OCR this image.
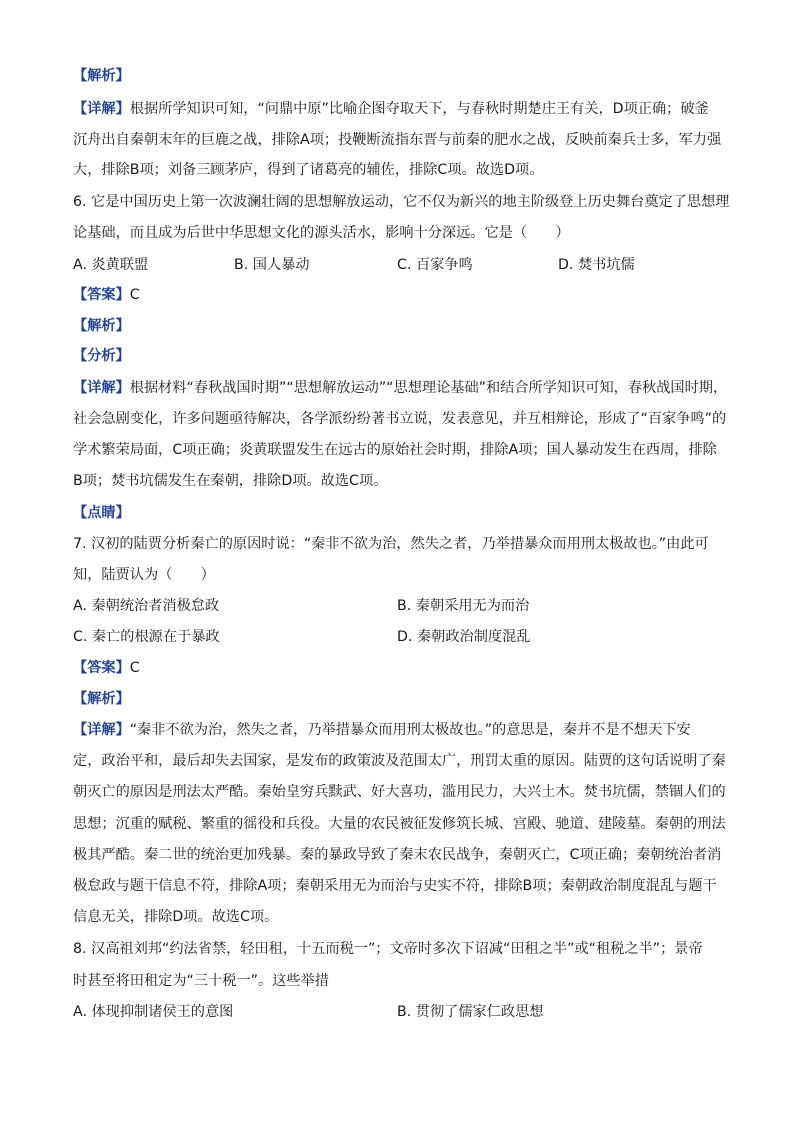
【解析】
【详解】根据所学知识可知，“问鼎中原”比喻企图夺取天下，与春秋时期楚庄王有关，D项正确；破釜
沉舟出自秦朝末年的巨鹿之战，排除A项；投鞭断流指东晋与前秦的肥水之战，反映前秦兵士多，军力强
大，排除B项；刘备三顾茅庐，得到了诸葛亮的辅佐，排除C项。故选D项。
6. 它是中国历史上第一次波澜壮阔的思想解放运动，它不仅为新兴的地主阶级登上历史舞台奠定了思想理
论基础，而且成为后世中华思想文化的源头活水，影响十分深远。它是（　　）
A. 炎黄联盟	B. 国人暴动	C. 百家争鸣	D. 焚书坑儒
【答案】C
【解析】
【分析】
【详解】根据材料“春秋战国时期”“思想解放运动”“思想理论基础”和结合所学知识可知，春秋战国时期，
社会急剧变化，许多问题亟待解决，各学派纷纷著书立说，发表意见，并互相辩论，形成了“百家争鸣”的
学术繁荣局面，C项正确；炎黄联盟发生在远古的原始社会时期，排除A项；国人暴动发生在西周，排除
B项；焚书坑儒发生在秦朝，排除D项。故选C项。
【点睛】
7. 汉初的陆贾分析秦亡的原因时说：“秦非不欲为治，然失之者，乃举措暴众而用刑太极故也。”由此可
知，陆贾认为（　　）
A. 秦朝统治者消极怠政	B. 秦朝采用无为而治
C. 秦亡的根源在于暴政	D. 秦朝政治制度混乱
【答案】C
【解析】
【详解】“秦非不欲为治，然失之者，乃举措暴众而用刑太极故也。”的意思是，秦并不是不想天下安
定，政治平和，最后却失去国家，是发布的政策波及范围太广，刑罚太重的原因。陆贾的这句话说明了秦
朝灭亡的原因是刑法太严酷。秦始皇穷兵黩武、好大喜功，滥用民力，大兴土木。焚书坑儒，禁锢人们的
思想；沉重的赋税、繁重的徭役和兵役。大量的农民被征发修筑长城、宫殿、驰道、建陵墓。秦朝的刑法
极其严酷。秦二世的统治更加残暴。秦的暴政导致了秦末农民战争，秦朝灭亡，C项正确；秦朝统治者消
极怠政与题干信息不符，排除A项；秦朝采用无为而治与史实不符，排除B项；秦朝政治制度混乱与题干
信息无关，排除D项。故选C项。
8. 汉高祖刘邦“约法省禁，轻田租，十五而税一”；文帝时多次下诏减“田租之半”或“租税之半”；景帝
时甚至将田租定为“三十税一”。这些举措
A. 体现抑制诸侯王的意图	B. 贯彻了儒家仁政思想
